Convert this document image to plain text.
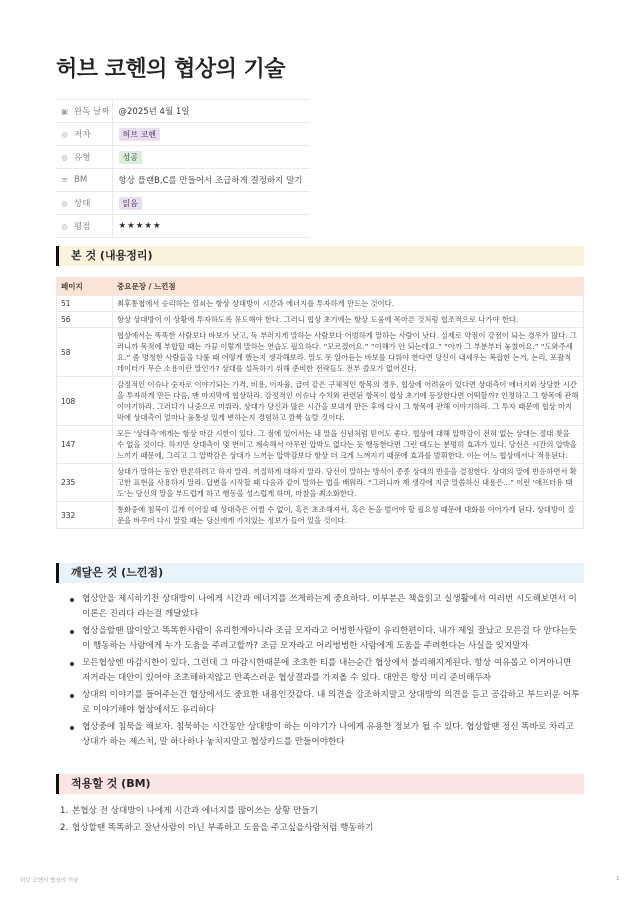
허브 코헨의 협상의 기술
▣ 완독 날짜	@2025년 4월 1일
◎ 저자	허브 코헨
◎ 유형	성공
≡ BM	항상 플랜B,C를 만들어서 조급하게 결정하지 말기
◎ 상태	읽음
◎ 평점	★★★★★
본 것 (내용정리)
페이지	중요문장 / 느낀점
51	최후통첩에서 승리하는 열쇠는 항상 상대방이 시간과 에너지를 투자하게 만드는 것이다.
56	항상 상대방이 이 상황에 투자하도록 유도해야 한다. 그러니 협상 초기에는 항상 도움에 목마른 것처럼 협조적으로 나가야 한다.
58	협상에서는 똑똑한 사람보다 바보가 낫고, 독 부러지게 말하는 사람보다 어벙하게 말하는 사람이 낫다. 실제로 약점이 강점이 되는 경우가 많다. 그러니까 목적에 부합할 때는 가끔 이렇게 말하는 연습도 필요하다. “모르겠어요.” “이해가 안 되는데요.” “아까 그 부분부터 놓쳤어요.” “도와주세요.” 좀 멍청한 사람들을 다룰 때 어떻게 했는지 생각해보라. 말도 못 알아듣는 바보를 다뤄야 한다면 당신이 내세우는 복잡한 논거, 논리, 포괄적 데이터가 무슨 소용이란 말인가? 상대를 설득하기 위해 준비한 전략들도 전부 쓸모가 없어진다.
108	감정적인 이슈나 숫자로 이야기되는 가격, 비용, 이자율, 급여 같은 구체적인 항목의 경우, 협상에 어려움이 있다면 상대측이 에너지와 상당한 시간을 투자하게 만든 다음, 맨 마지막에 협상하라. 감정적인 이슈나 수치와 관련된 항목이 협상 초기에 등장한다면 어떡할까? 인정하고 그 항목에 관해 이야기하라. 그러다가 나중으로 미뤄라. 상대가 당신과 많은 시간을 보내게 만든 후에 다시 그 항목에 관해 이야기하라. 그 투자 때문에 협상 마지막에 상대측이 얼마나 융통성 있게 변하는지 경험하고 깜짝 놀랄 것이다.
147	모든 ‘상대측’에게는 항상 마감 시한이 있다. 그 점에 있어서는 내 말을 신념처럼 믿어도 좋다. 협상에 대해 압박감이 전혀 없는 상대는 절대 찾을 수 없을 것이다. 하지만 상대측이 몇 번이고 계속해서 아무런 압박도 없다는 듯 행동한다면 그런 태도는 분명히 효과가 있다. 당신은 시간의 압박을 느끼기 때문에, 그리고 그 압박감은 상대가 느끼는 압박감보다 항상 더 크게 느껴지기 때문에 효과를 발휘한다. 이는 어느 협상에서나 적용된다.
235	상대가 말하는 동안 반론하려고 하지 말라. 끼질하게 대하지 말라. 당신이 말하는 방식이 종종 상대의 반응을 결정한다. 상대의 말에 반응하면서 확고한 표현을 사용하지 말라. 답변을 시작할 때 다음과 같이 말하는 법을 배워라. “그러니까 제 생각에 지금 말씀하신 내용은...” 이런 ‘애프터유 태도’는 당신의 말을 부드럽게 하고 행동을 성스럽게 하며, 마찰을 최소화한다.
332	통화중에 침묵이 길게 이어질 때 상대측은 어쩔 수 없이, 혹은 초조해져서, 혹은 돈을 벌어야 할 필요성 때문에 대화를 이어가게 된다. 상대방이 질문을 바꾸어 다시 말할 때는 당신에게 가치있는 정보가 들어 있을 것이다.
깨달은 것 (느낀점)
협상안을 제시하기전 상대방이 나에게 시간과 에너지를 쓰게하는게 중요하다. 이부분은 책을읽고 실생활에서 여러번 시도해보면서 이 이론은 진리다 라는걸 깨달았다
협상을할땐 많이알고 똑똑한사람이 유리한게아니라 조금 모자라고 어벙한사람이 유리한편이다. 내가 제일 잘났고 모든걸 다 안다는듯이 행동하는 사람에게 누가 도움을 주려고할까? 조금 모자라고 어리벙벙한 사람에게 도움을 주려한다는 사실을 잊지말자
모든협상엔 마감시한이 있다. 그런데 그 마감시한때문에 조초한 티를 내는순간 협상에서 불리해지게된다. 항상 여유롭고 이거아니면 저거라는 대안이 있어야 조초해하지않고 만족스러운 협상결과를 가져올 수 있다. 대안은 항상 미리 준비해두자
상대의 이야기를 들어주는건 협상에서도 중요한 내용인것같다. 내 의견을 강조하지말고 상대방의 의견을 듣고 공감하고 부드러운 어투로 이야기해야 협상에서도 유리하다
협상중에 침묵을 해보자. 침묵하는 시간동안 상대방이 하는 이야기가 나에게 유용한 정보가 될 수 있다. 협상할땐 정신 똑바로 차리고 상대가 하는 제스처, 말 하나하나 놓치지말고 협상카드를 만들어야한다
적용할 것 (BM)
1. 본협상 전 상대방이 나에게 시간과 에너지를 많이쓰는 상황 만들기
2. 협상할땐 똑똑하고 잘난사람이 아닌 부족하고 도움을 주고싶을사람처럼 행동하기
허브 코헨의 협상의 기술	1
